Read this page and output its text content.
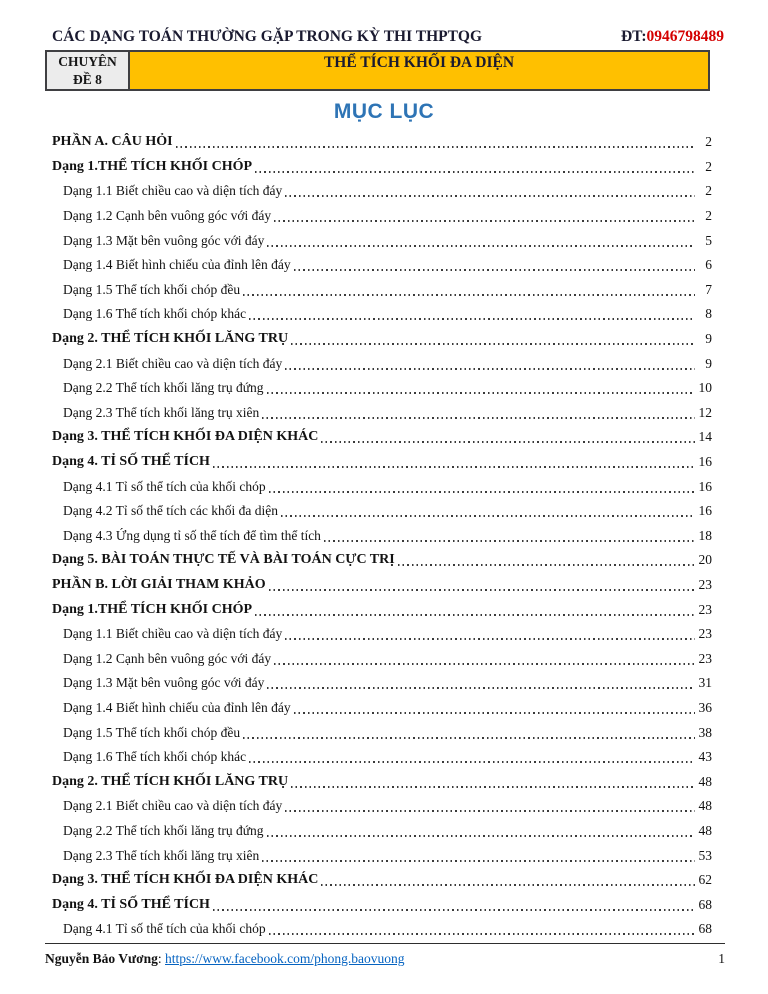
CÁC DẠNG TOÁN THƯỜNG GẶP TRONG KỲ THI THPTQG	ĐT:0946798489
CHUYÊN
ĐỀ 8
THỂ TÍCH KHỐI ĐA DIỆN
MỤC LỤC
PHẦN A. CÂU HỎI	2
Dạng 1.THỂ TÍCH KHỐI CHÓP	2
Dạng 1.1 Biết chiều cao và diện tích đáy	2
Dạng 1.2 Cạnh bên vuông góc với đáy	2
Dạng 1.3 Mặt bên vuông góc với đáy	5
Dạng 1.4 Biết hình chiếu của đỉnh lên đáy	6
Dạng 1.5 Thể tích khối chóp đều	7
Dạng 1.6 Thể tích khối chóp khác	8
Dạng 2. THỂ TÍCH KHỐI LĂNG TRỤ	9
Dạng 2.1 Biết chiều cao và diện tích đáy	9
Dạng 2.2 Thể tích khối lăng trụ đứng	10
Dạng 2.3 Thể tích khối lăng trụ xiên	12
Dạng 3. THỂ TÍCH KHỐI ĐA DIỆN KHÁC	14
Dạng 4. TỈ SỐ THỂ TÍCH	16
Dạng 4.1 Tỉ số thể tích của khối chóp	16
Dạng 4.2 Tỉ số thể tích các khối đa diện	16
Dạng 4.3 Ứng dụng tỉ số thể tích để tìm thể tích	18
Dạng 5. BÀI TOÁN THỰC TẾ VÀ BÀI TOÁN CỰC TRỊ	20
PHẦN B. LỜI GIẢI THAM KHẢO	23
Dạng 1.THỂ TÍCH KHỐI CHÓP	23
Dạng 1.1 Biết chiều cao và diện tích đáy	23
Dạng 1.2 Cạnh bên vuông góc với đáy	23
Dạng 1.3 Mặt bên vuông góc với đáy	31
Dạng 1.4 Biết hình chiếu của đỉnh lên đáy	36
Dạng 1.5 Thể tích khối chóp đều	38
Dạng 1.6 Thể tích khối chóp khác	43
Dạng 2. THỂ TÍCH KHỐI LĂNG TRỤ	48
Dạng 2.1 Biết chiều cao và diện tích đáy	48
Dạng 2.2 Thể tích khối lăng trụ đứng	48
Dạng 2.3 Thể tích khối lăng trụ xiên	53
Dạng 3. THỂ TÍCH KHỐI ĐA DIỆN KHÁC	62
Dạng 4. TỈ SỐ THỂ TÍCH	68
Dạng 4.1 Tỉ số thể tích của khối chóp	68
Nguyễn Bảo Vương: https://www.facebook.com/phong.baovuong	1
